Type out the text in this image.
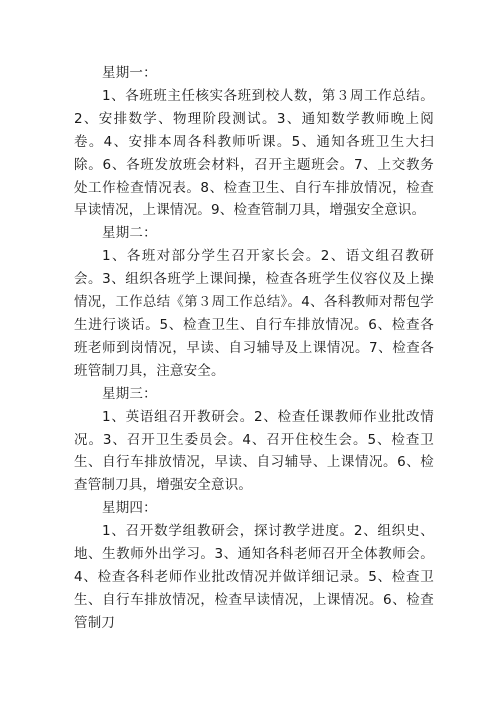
星期一：

1、各班班主任核实各班到校人数，第３周工作总结。2、安排数学、物理阶段测试。3、通知数学教师晚上阅卷。4、安排本周各科教师听课。5、通知各班卫生大扫除。6、各班发放班会材料，召开主题班会。7、上交教务处工作检查情况表。8、检查卫生、自行车排放情况，检查早读情况，上课情况。9、检查管制刀具，增强安全意识。

星期二：

1、各班对部分学生召开家长会。2、语文组召教研会。3、组织各班学上课间操，检查各班学生仪容仪及上操情况，工作总结《第３周工作总结》。4、各科教师对帮包学生进行谈话。5、检查卫生、自行车排放情况。6、检查各班老师到岗情况，早读、自习辅导及上课情况。7、检查各班管制刀具，注意安全。

星期三：

1、英语组召开教研会。2、检查任课教师作业批改情况。3、召开卫生委员会。4、召开住校生会。5、检查卫生、自行车排放情况，早读、自习辅导、上课情况。6、检查管制刀具，增强安全意识。

星期四：

1、召开数学组教研会，探讨教学进度。2、组织史、地、生教师外出学习。3、通知各科老师召开全体教师会。4、检查各科老师作业批改情况并做详细记录。5、检查卫生、自行车排放情况，检查早读情况，上课情况。6、检查管制刀
